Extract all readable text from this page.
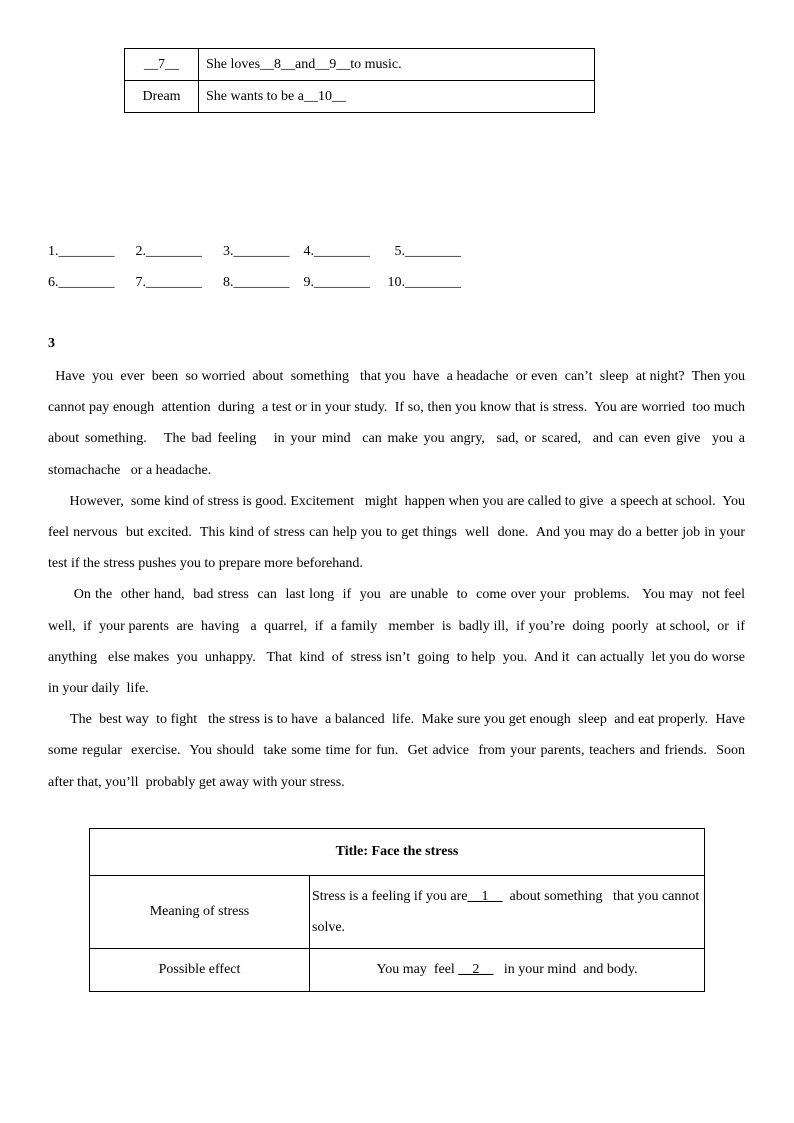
__7__	She loves__8__and__9__to music.
Dream	She wants to be a__10__
1.________      2.________      3.________    4.________       5.________
6.________      7.________      8.________    9.________     10.________
3

Have  you  ever  been  so worried  about  something   that you  have  a headache  or even  can’t  sleep  at night?  Then you cannot pay enough  attention  during  a test or in your study.  If so, then you know that is stress.  You are worried  too much  about something.   The bad feeling   in your mind  can make you angry,  sad, or scared,  and can even give  you a stomachache   or a headache.

However,  some kind of stress is good. Excitement   might  happen when you are called to give  a speech at school.  You feel nervous  but excited.  This kind of stress can help you to get things  well  done.  And you may do a better job in your test if the stress pushes you to prepare more beforehand.

On the  other hand,  bad stress  can  last long  if  you  are unable  to  come over your  problems.   You may  not feel  well,  if  your parents  are  having   a  quarrel,  if  a family   member  is  badly ill,  if you’re  doing  poorly  at school,  or  if  anything   else makes  you  unhappy.   That  kind  of  stress isn’t  going  to help  you.  And it  can actually  let you do worse in your daily  life.

The  best way  to fight   the stress is to have  a balanced  life.  Make sure you get enough  sleep  and eat properly.  Have  some regular  exercise.  You should  take some time for fun.  Get advice  from your parents, teachers and friends.  Soon after that, you’ll  probably get away with your stress.

Title: Face the stress	
Meaning of stress	Stress is a feeling if you are__1__  about something   that you cannot  solve.
Possible effect	You may  feel __2__   in your mind  and body.
